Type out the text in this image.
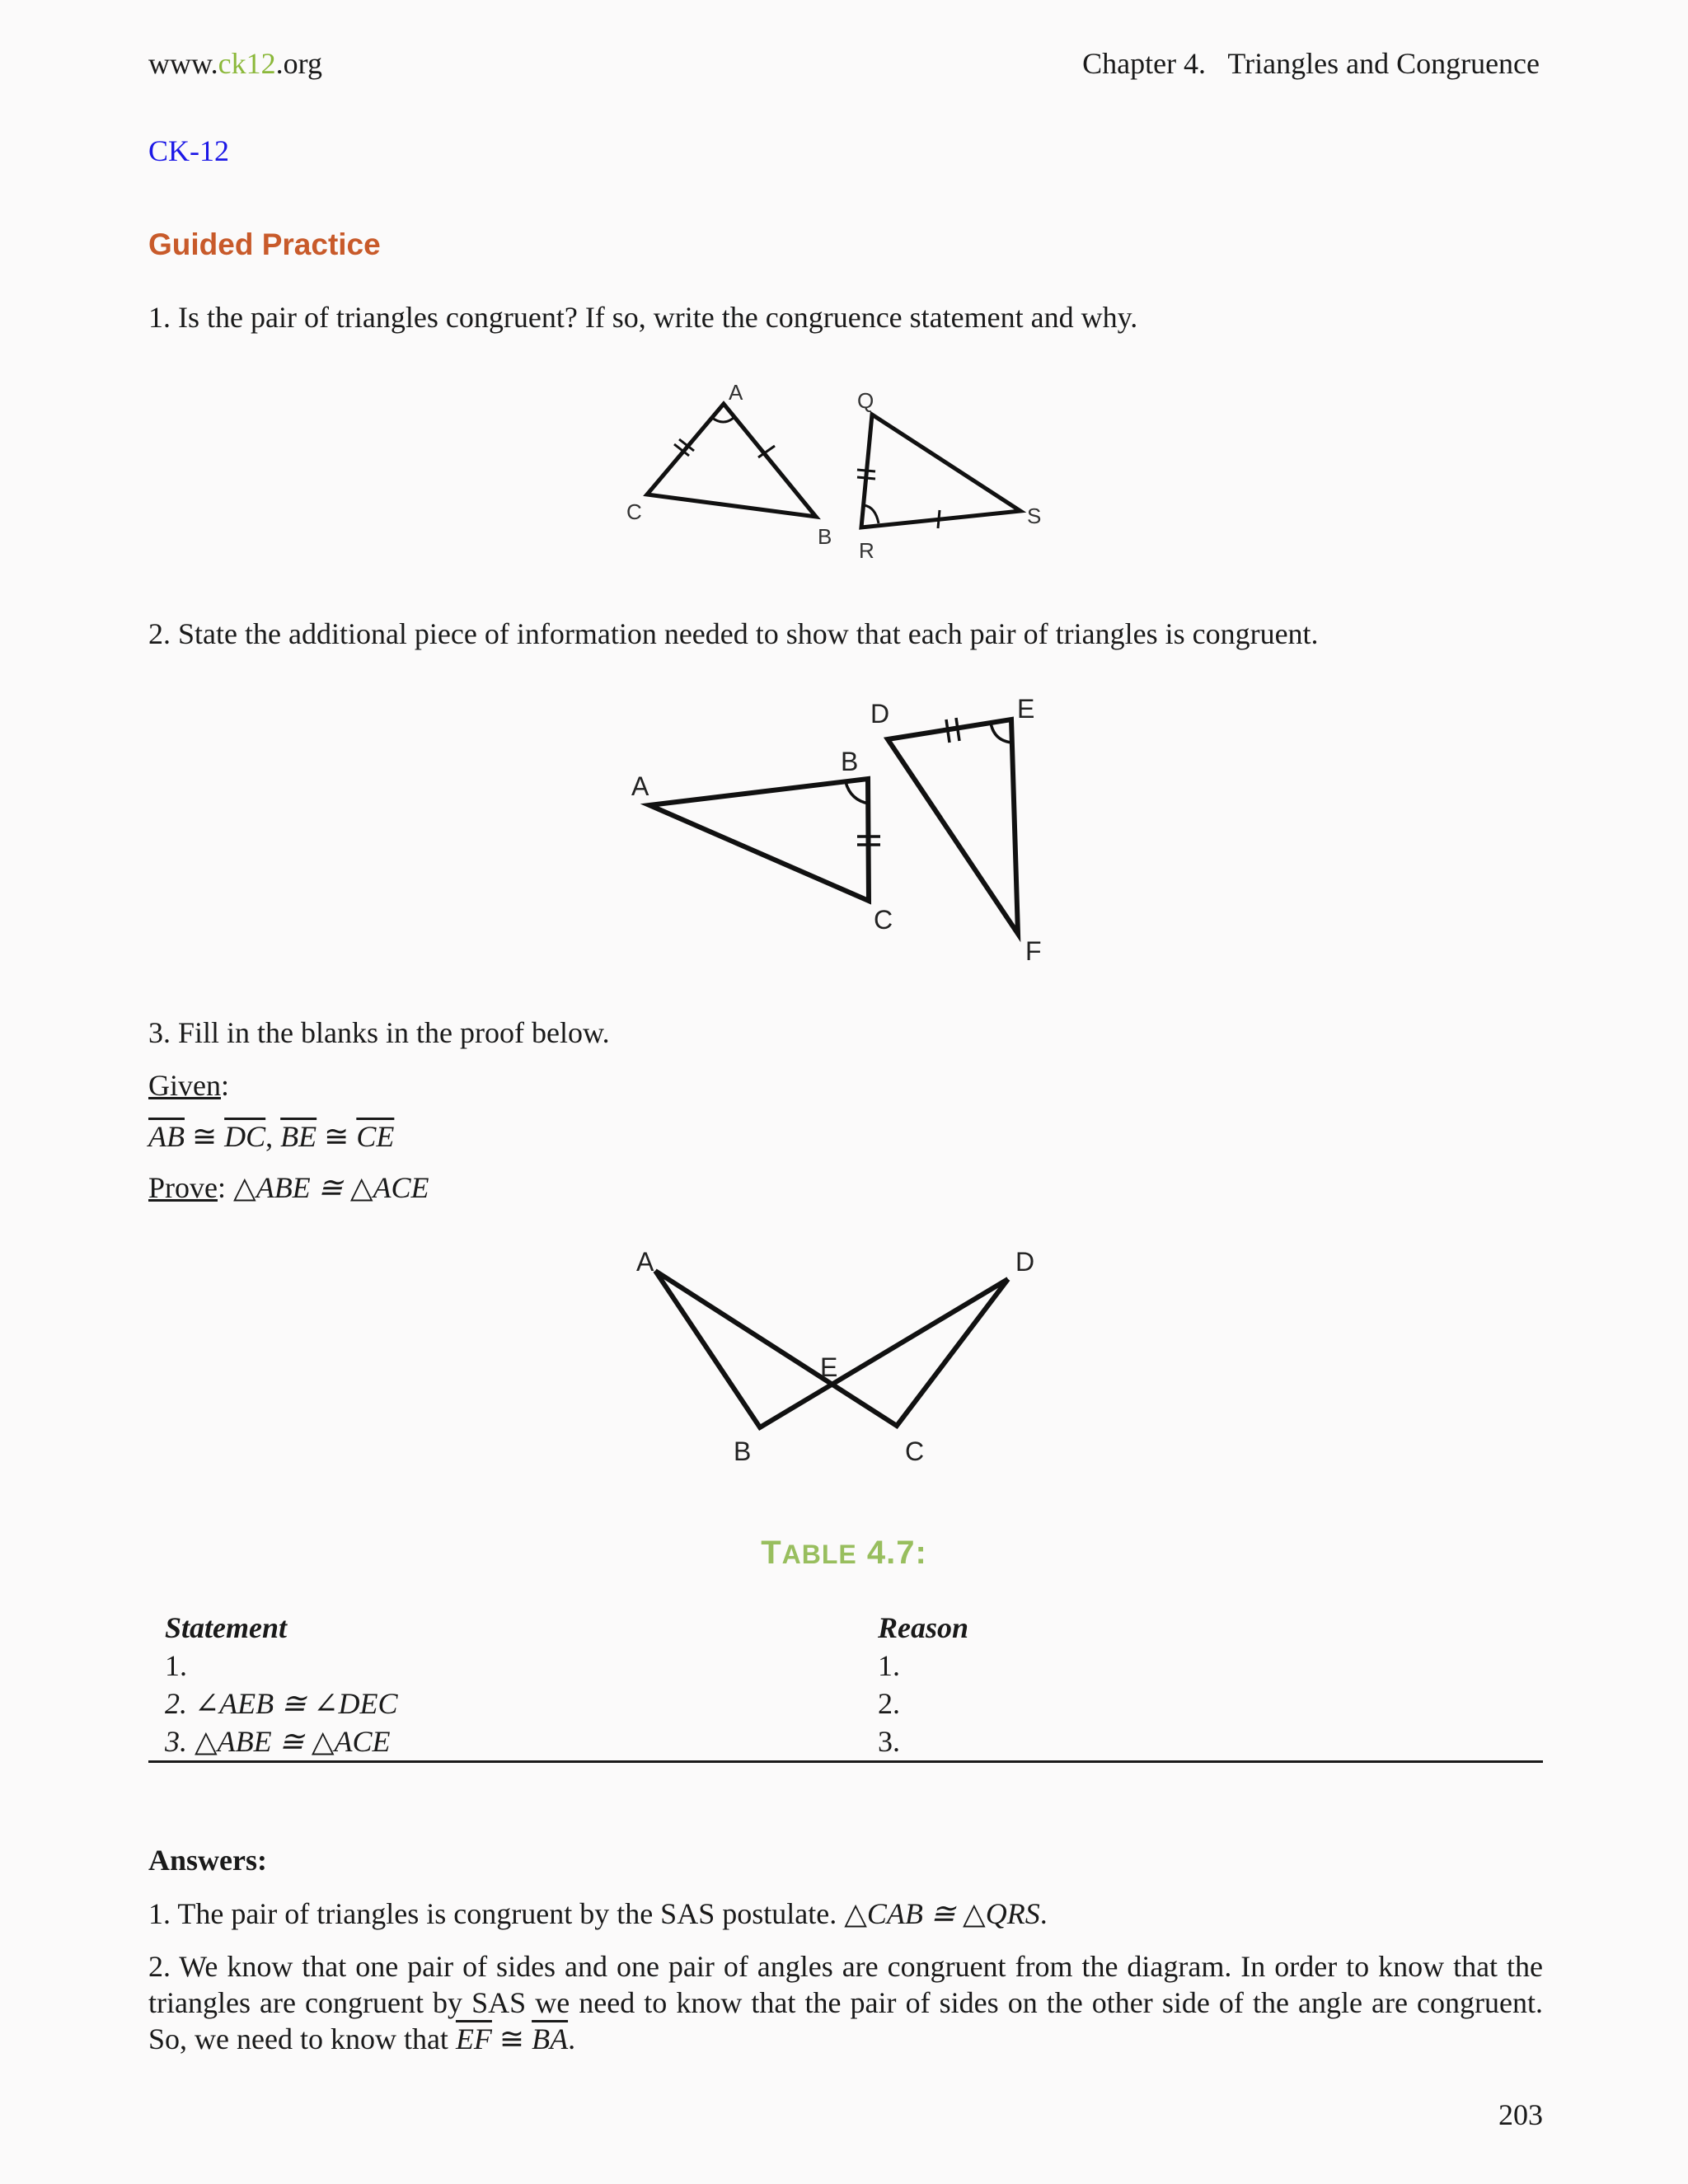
www.ck12.org	Chapter 4.   Triangles and Congruence
CK-12
Guided Practice
1. Is the pair of triangles congruent? If so, write the congruence statement and why.
A
B
C
Q
R
S
2. State the additional piece of information needed to show that each pair of triangles is congruent.
A
B
C
D	E
F
3. Fill in the blanks in the proof below.
Given:
$\overline{AB}$ ≅ $\overline{DC}$, $\overline{BE}$ ≅ $\overline{CE}$
Prove: △ABE ≅ △ACE
A
B	C
D
E
TABLE 4.7:
Statement	Reason
1.	1.
2. ∠AEB ≅ ∠DEC	2.
3. △ABE ≅ △ACE	3.
Answers:
1. The pair of triangles is congruent by the SAS postulate. △CAB ≅ △QRS.
2. We know that one pair of sides and one pair of angles are congruent from the diagram. In order to know that the triangles are congruent by SAS we need to know that the pair of sides on the other side of the angle are congruent. So, we need to know that $\overline{EF}$ ≅ $\overline{BA}$.
203
